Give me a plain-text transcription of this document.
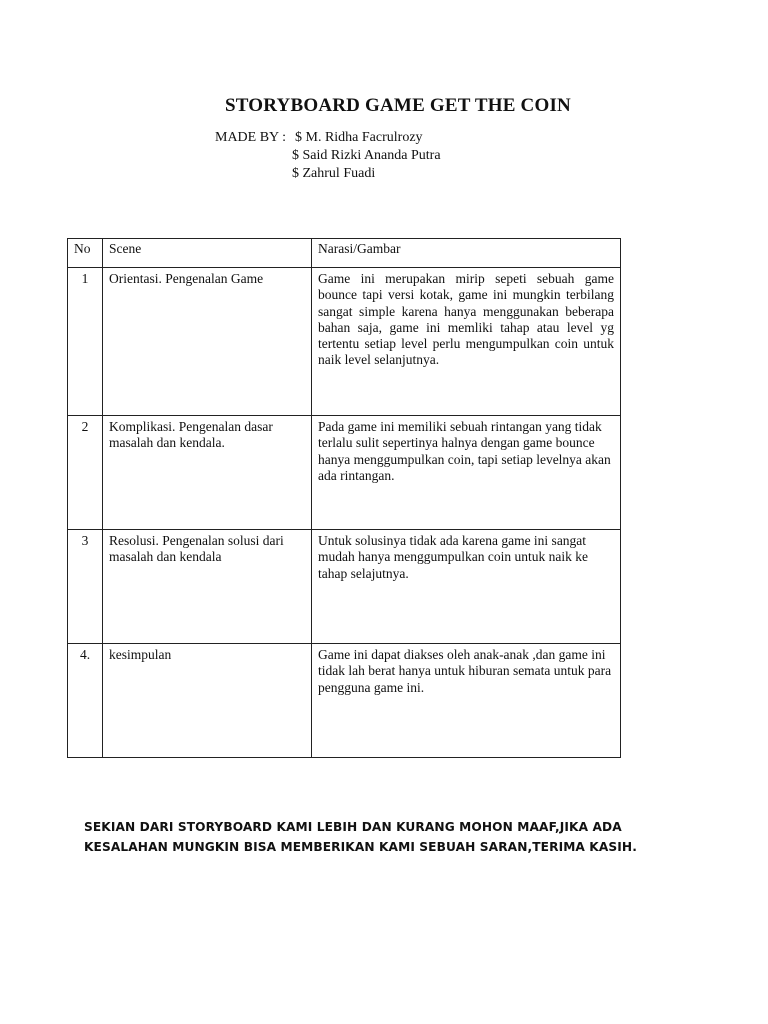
STORYBOARD GAME GET THE COIN
MADE BY : $ M. Ridha Facrulrozy
$ Said Rizki Ananda Putra
$ Zahrul Fuadi
No	Scene	Narasi/Gambar
1	Orientasi. Pengenalan Game	Game ini merupakan mirip sepeti sebuah game bounce tapi versi kotak, game ini mungkin terbilang sangat simple karena hanya menggunakan beberapa bahan saja, game ini memliki tahap atau level yg tertentu setiap level perlu mengumpulkan coin untuk naik level selanjutnya.
2	Komplikasi. Pengenalan dasar masalah dan kendala.	Pada game ini memiliki sebuah rintangan yang tidak terlalu sulit sepertinya halnya dengan game bounce hanya menggumpulkan coin, tapi setiap levelnya akan ada rintangan.
3	Resolusi. Pengenalan solusi dari masalah dan kendala	Untuk solusinya tidak ada karena game ini sangat mudah hanya menggumpulkan coin untuk naik ke tahap selajutnya.
4.	kesimpulan	Game ini dapat diakses oleh anak-anak ,dan game ini tidak lah berat hanya untuk hiburan semata untuk para pengguna game ini.
SEKIAN DARI STORYBOARD KAMI LEBIH DAN KURANG MOHON MAAF,JIKA ADA
KESALAHAN MUNGKIN BISA MEMBERIKAN KAMI SEBUAH SARAN,TERIMA KASIH.
